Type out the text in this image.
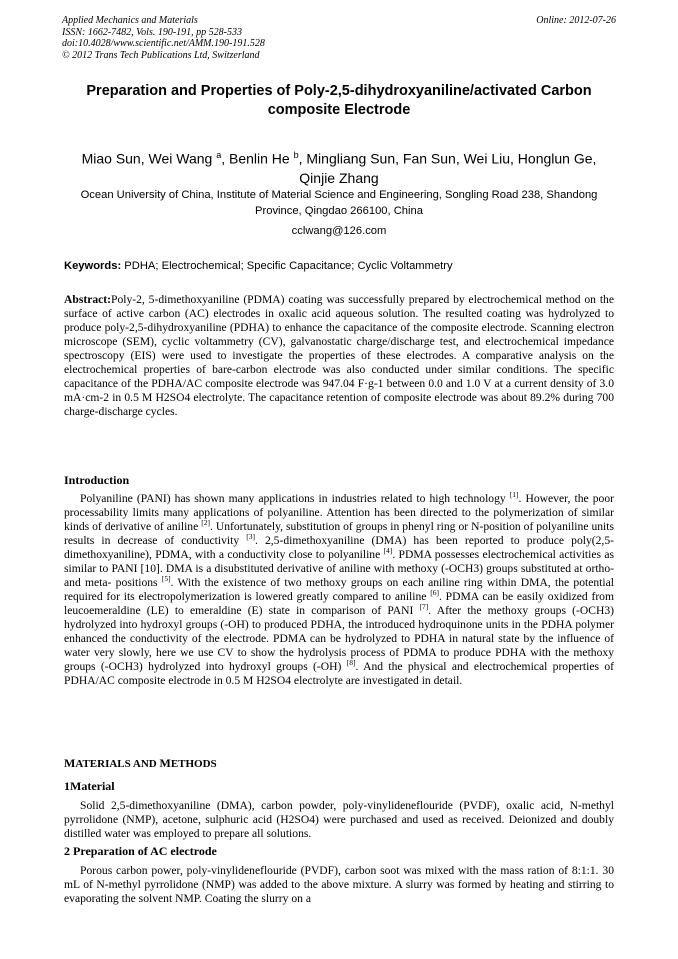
Applied Mechanics and Materials
ISSN: 1662-7482, Vols. 190-191, pp 528-533
doi:10.4028/www.scientific.net/AMM.190-191.528
© 2012 Trans Tech Publications Ltd, Switzerland
Online: 2012-07-26
Preparation and Properties of Poly-2,5-dihydroxyaniline/activated Carbon composite Electrode
Miao Sun, Wei Wang $^a$, Benlin He $^b$, Mingliang Sun, Fan Sun, Wei Liu, Honglun Ge, Qinjie Zhang
Ocean University of China, Institute of Material Science and Engineering, Songling Road 238, Shandong Province, Qingdao 266100, China
cclwang@126.com
Keywords: PDHA; Electrochemical; Specific Capacitance; Cyclic Voltammetry
Abstract:Poly-2, 5-dimethoxyaniline (PDMA) coating was successfully prepared by electrochemical method on the surface of active carbon (AC) electrodes in oxalic acid aqueous solution. The resulted coating was hydrolyzed to produce poly-2,5-dihydroxyaniline (PDHA) to enhance the capacitance of the composite electrode. Scanning electron microscope (SEM), cyclic voltammetry (CV), galvanostatic charge/discharge test, and electrochemical impedance spectroscopy (EIS) were used to investigate the properties of these electrodes. A comparative analysis on the electrochemical properties of bare-carbon electrode was also conducted under similar conditions. The specific capacitance of the PDHA/AC composite electrode was 947.04 F·g-1 between 0.0 and 1.0 V at a current density of 3.0 mA·cm-2 in 0.5 M H2SO4 electrolyte. The capacitance retention of composite electrode was about 89.2% during 700 charge-discharge cycles.
Introduction
Polyaniline (PANI) has shown many applications in industries related to high technology [1]. However, the poor processability limits many applications of polyaniline. Attention has been directed to the polymerization of similar kinds of derivative of aniline [2]. Unfortunately, substitution of groups in phenyl ring or N-position of polyaniline units results in decrease of conductivity [3]. 2,5-dimethoxyaniline (DMA) has been reported to produce poly(2,5-dimethoxyaniline), PDMA, with a conductivity close to polyaniline [4]. PDMA possesses electrochemical activities as similar to PANI [10]. DMA is a disubstituted derivative of aniline with methoxy (-OCH3) groups substituted at ortho- and meta- positions [5]. With the existence of two methoxy groups on each aniline ring within DMA, the potential required for its electropolymerization is lowered greatly compared to aniline [6]. PDMA can be easily oxidized from leucoemeraldine (LE) to emeraldine (E) state in comparison of PANI [7]. After the methoxy groups (-OCH3) hydrolyzed into hydroxyl groups (-OH) to produced PDHA, the introduced hydroquinone units in the PDHA polymer enhanced the conductivity of the electrode. PDMA can be hydrolyzed to PDHA in natural state by the influence of water very slowly, here we use CV to show the hydrolysis process of PDMA to produce PDHA with the methoxy groups (-OCH3) hydrolyzed into hydroxyl groups (-OH) [8]. And the physical and electrochemical properties of PDHA/AC composite electrode in 0.5 M H2SO4 electrolyte are investigated in detail.
MATERIALS AND METHODS
1Material
Solid 2,5-dimethoxyaniline (DMA), carbon powder, poly-vinylideneflouride (PVDF), oxalic acid, N-methyl pyrrolidone (NMP), acetone, sulphuric acid (H2SO4) were purchased and used as received. Deionized and doubly distilled water was employed to prepare all solutions.
2 Preparation of AC electrode
Porous carbon power, poly-vinylideneflouride (PVDF), carbon soot was mixed with the mass ration of 8:1:1. 30 mL of N-methyl pyrrolidone (NMP) was added to the above mixture. A slurry was formed by heating and stirring to evaporating the solvent NMP. Coating the slurry on a
